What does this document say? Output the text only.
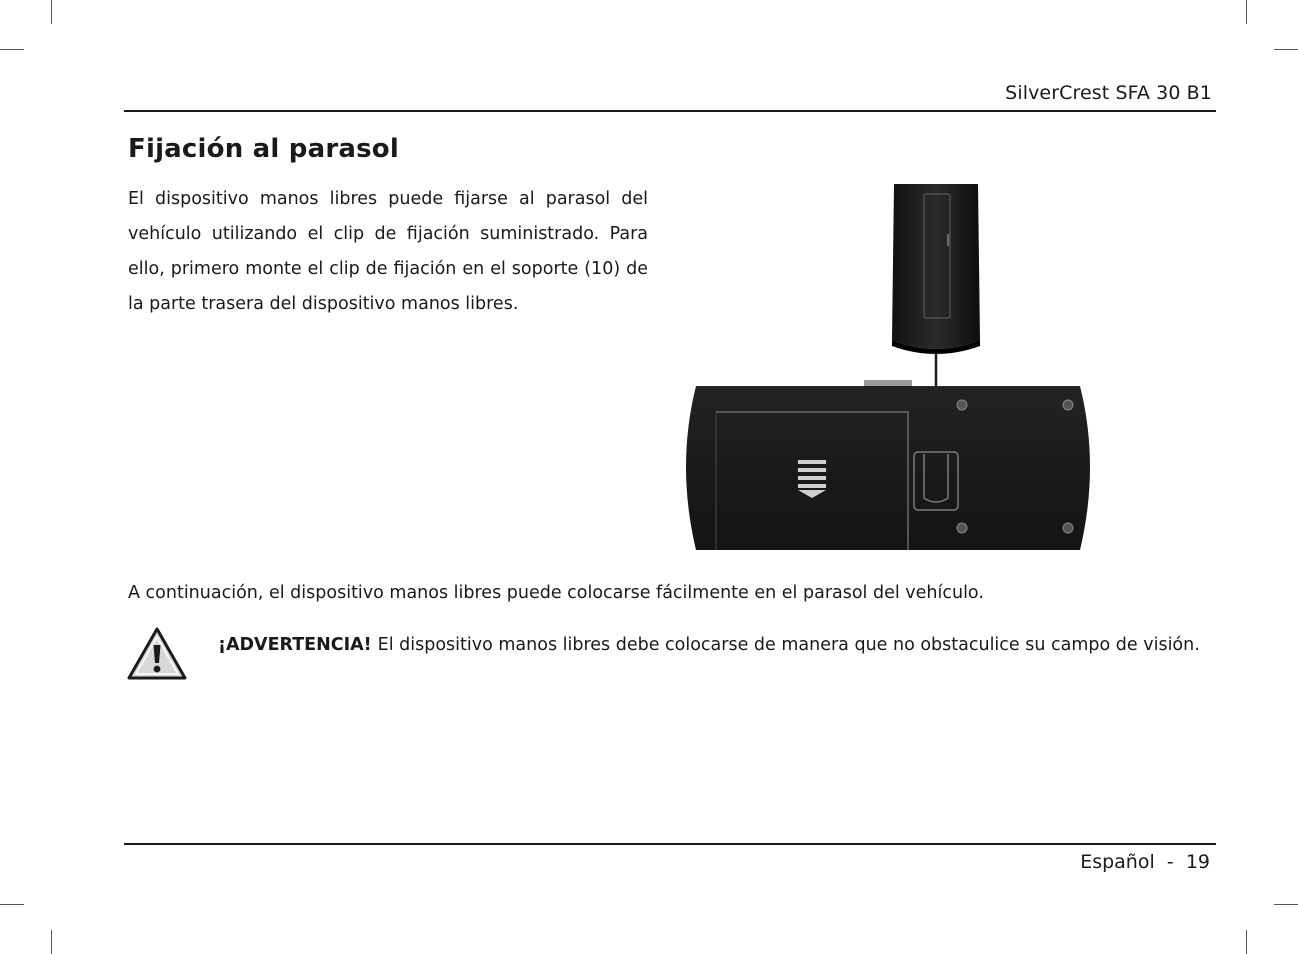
SilverCrest SFA 30 B1
Fijación al parasol

El dispositivo manos libres puede fijarse al parasol del vehículo utilizando el clip de fijación suministrado. Para ello, primero monte el clip de fijación en el soporte (10) de la parte trasera del dispositivo manos libres.

A continuación, el dispositivo manos libres puede colocarse fácilmente en el parasol del vehículo.

¡ADVERTENCIA! El dispositivo manos libres debe colocarse de manera que no obstaculice su campo de visión.

Español - 19
